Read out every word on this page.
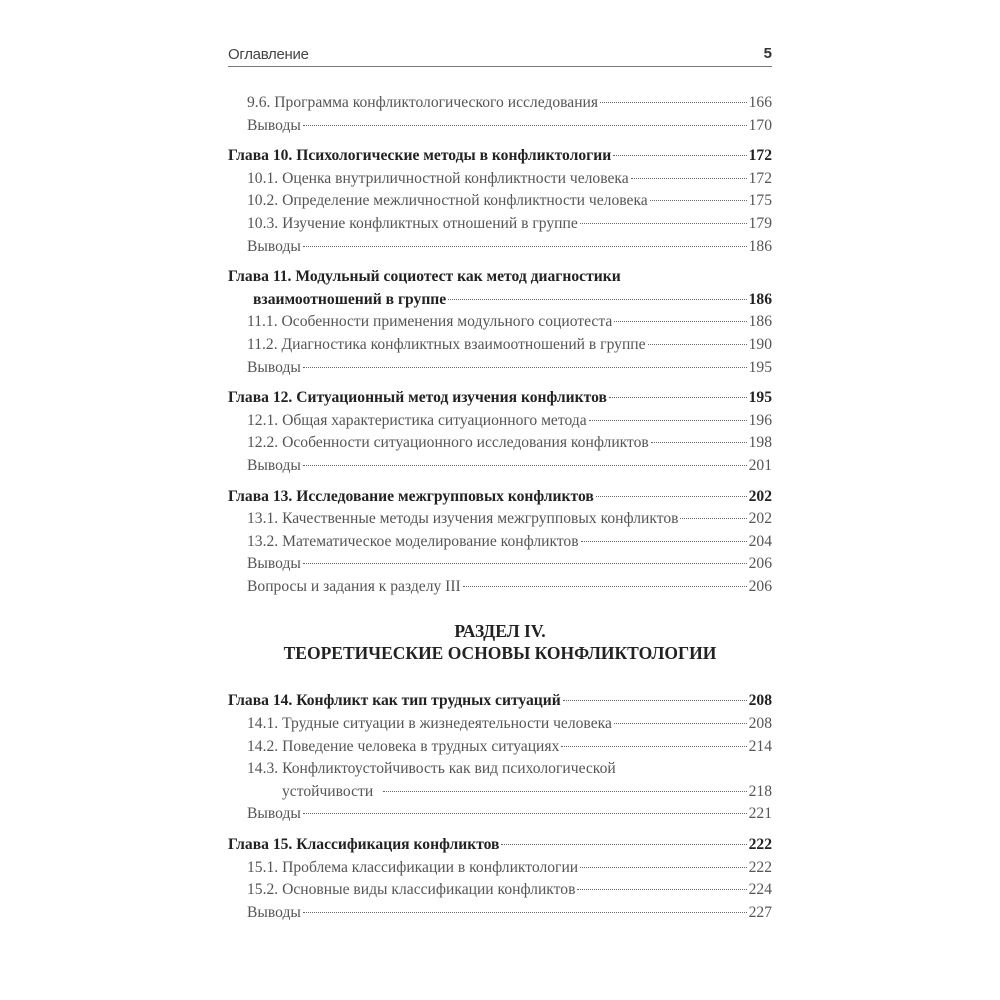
Оглавление	5
9.6. Программа конфликтологического исследования	166
Выводы	170
Глава 10. Психологические методы в конфликтологии	172
10.1. Оценка внутриличностной конфликтности человека	172
10.2. Определение межличностной конфликтности человека	175
10.3. Изучение конфликтных отношений в группе	179
Выводы	186
Глава 11. Модульный социотест как метод диагностики
взаимоотношений в группе	186
11.1. Особенности применения модульного социотеста	186
11.2. Диагностика конфликтных взаимоотношений в группе	190
Выводы	195
Глава 12. Ситуационный метод изучения конфликтов	195
12.1. Общая характеристика ситуационного метода	196
12.2. Особенности ситуационного исследования конфликтов	198
Выводы	201
Глава 13. Исследование межгрупповых конфликтов	202
13.1. Качественные методы изучения межгрупповых конфликтов	202
13.2. Математическое моделирование конфликтов	204
Выводы	206
Вопросы и задания к разделу III	206
РАЗДЕЛ IV.
ТЕОРЕТИЧЕСКИЕ ОСНОВЫ КОНФЛИКТОЛОГИИ
Глава 14. Конфликт как тип трудных ситуаций	208
14.1. Трудные ситуации в жизнедеятельности человека	208
14.2. Поведение человека в трудных ситуациях	214
14.3. Конфликтоустойчивость как вид психологической
устойчивости	218
Выводы	221
Глава 15. Классификация конфликтов	222
15.1. Проблема классификации в конфликтологии	222
15.2. Основные виды классификации конфликтов	224
Выводы	227
